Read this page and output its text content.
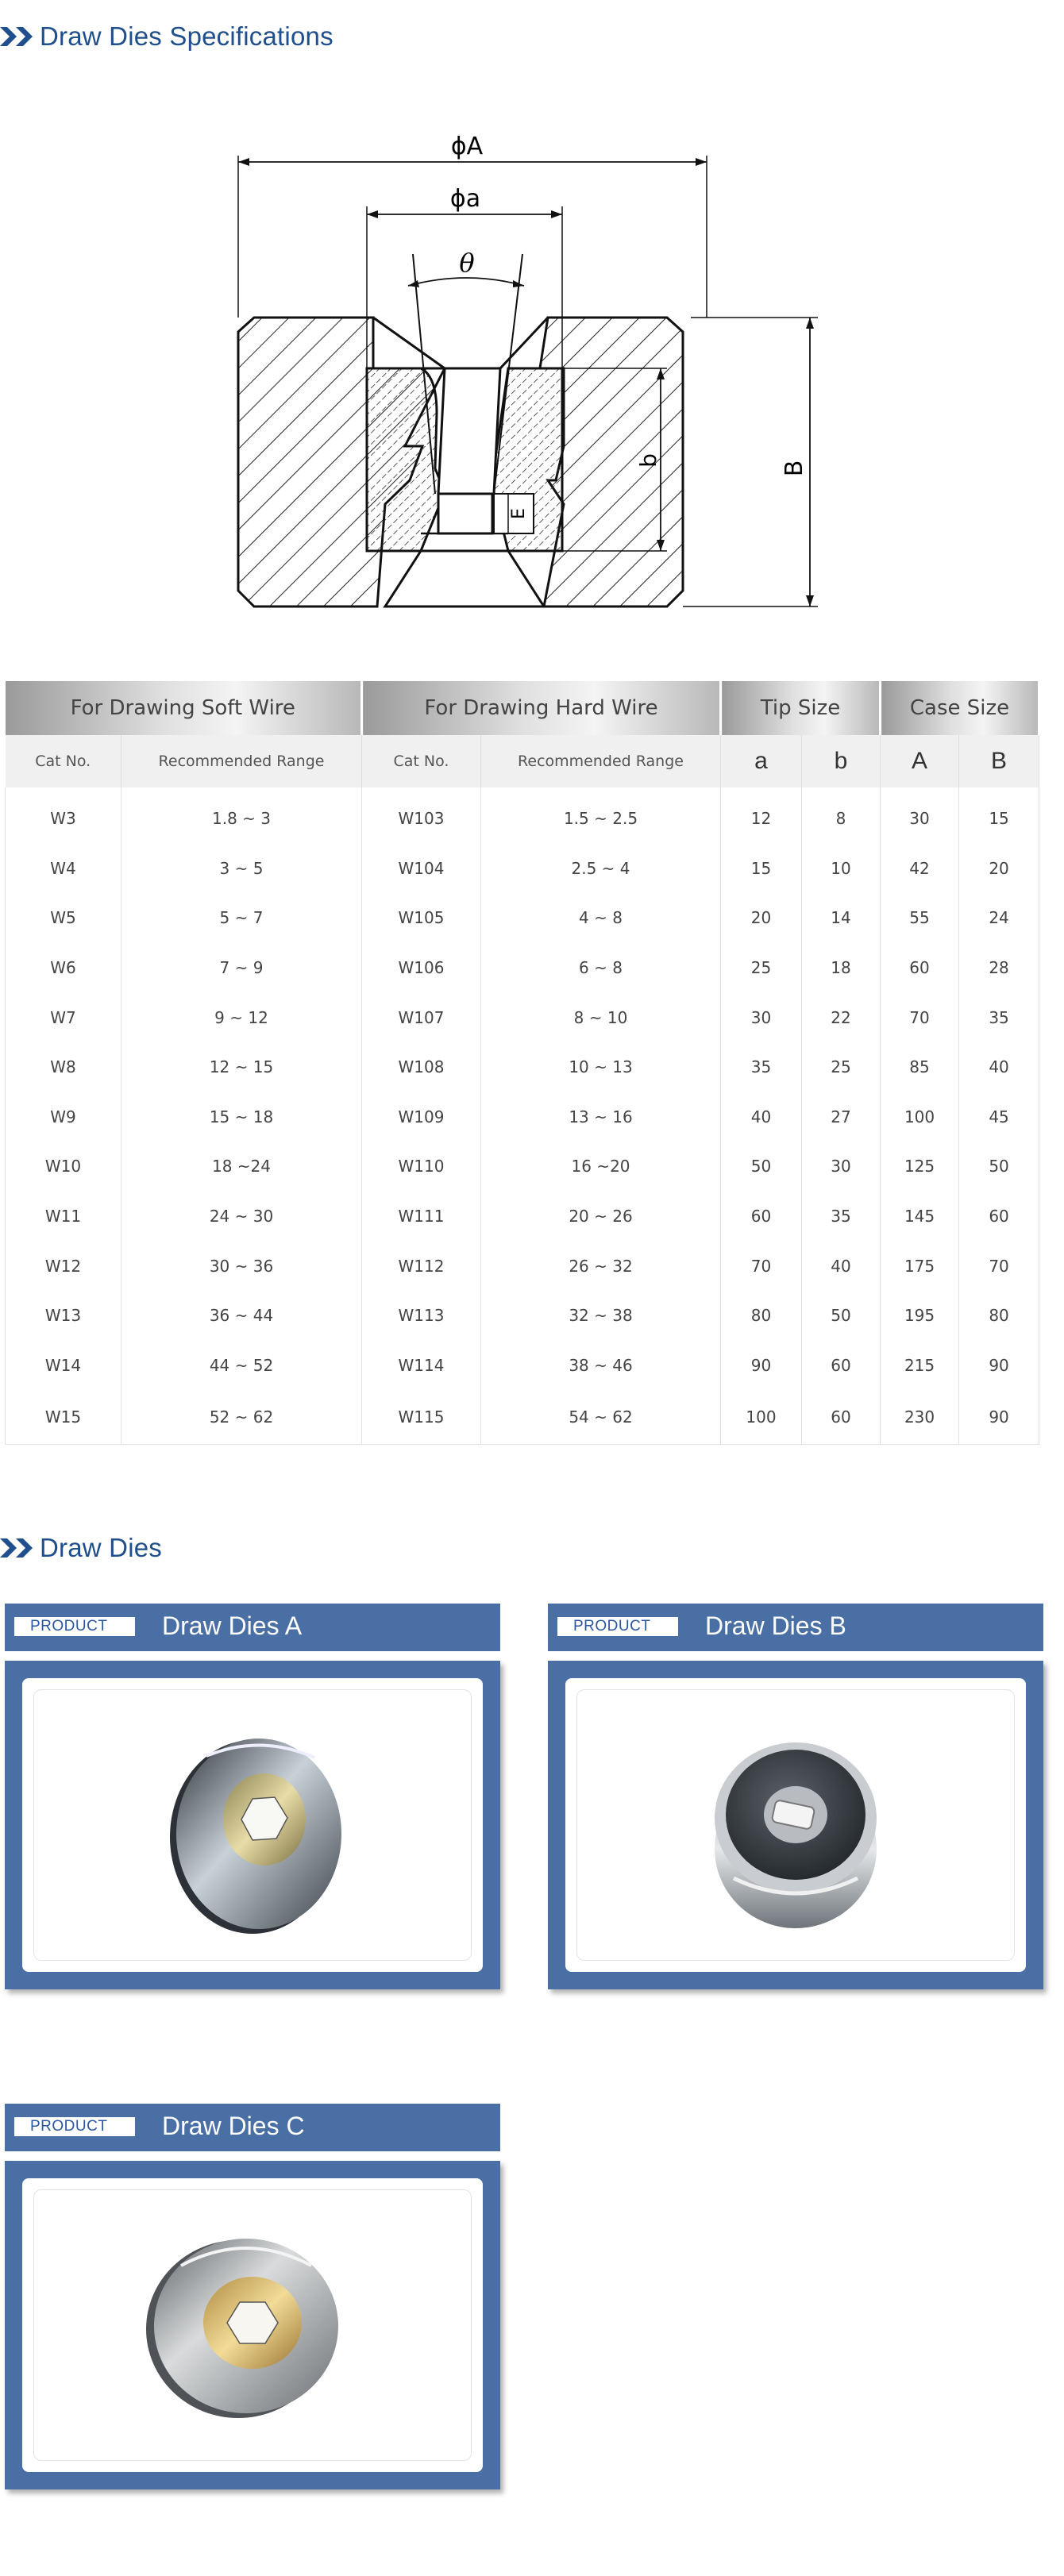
Draw Dies Specifications
ϕA
ϕa
θ
B
b
E
For Drawing Soft Wire		For Drawing Hard Wire		Tip Size		Case Size	
Cat No.	Recommended Range	Cat No.	Recommended Range	a	b	A	B
W3	1.8 ~ 3	W103	1.5 ~ 2.5	12	8	30	15
W4	3 ~ 5	W104	2.5 ~ 4	15	10	42	20
W5	5 ~ 7	W105	4 ~ 8	20	14	55	24
W6	7 ~ 9	W106	6 ~ 8	25	18	60	28
W7	9 ~ 12	W107	8 ~ 10	30	22	70	35
W8	12 ~ 15	W108	10 ~ 13	35	25	85	40
W9	15 ~ 18	W109	13 ~ 16	40	27	100	45
W10	18 ~24	W110	16 ~20	50	30	125	50
W11	24 ~ 30	W111	20 ~ 26	60	35	145	60
W12	30 ~ 36	W112	26 ~ 32	70	40	175	70
W13	36 ~ 44	W113	32 ~ 38	80	50	195	80
W14	44 ~ 52	W114	38 ~ 46	90	60	215	90
W15	52 ~ 62	W115	54 ~ 62	100	60	230	90
Draw Dies
PRODUCT	Draw Dies A	PRODUCT	Draw Dies B
PRODUCT	Draw Dies C
